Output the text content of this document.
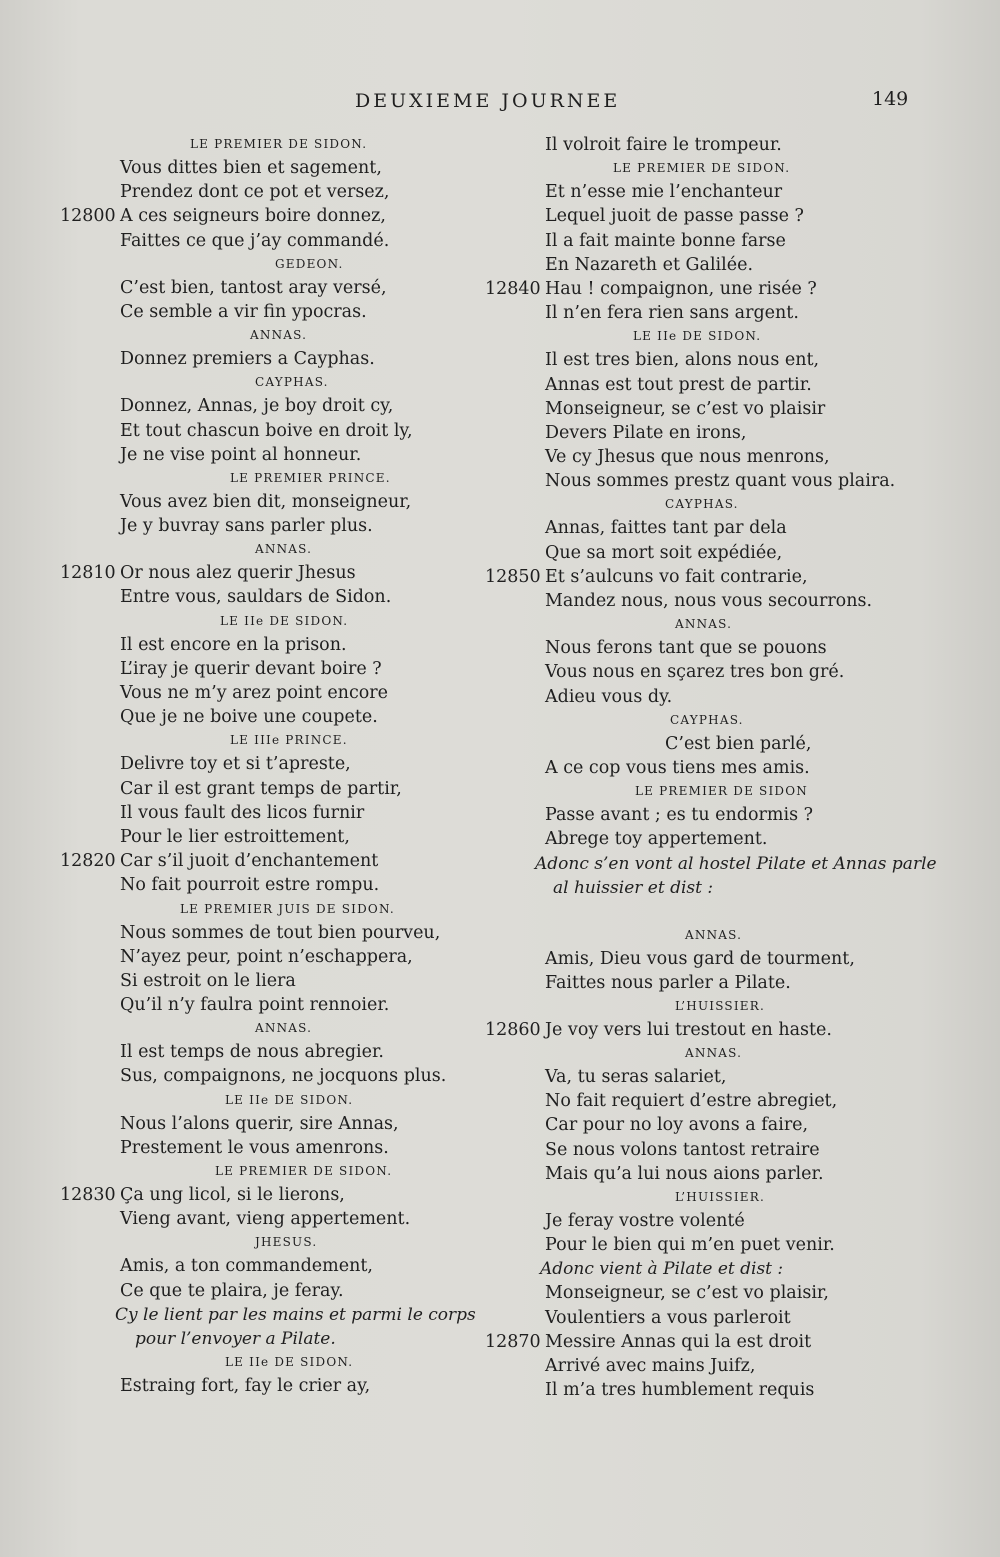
DEUXIEME JOURNEE	149
LE PREMIER DE SIDON.
Vous dittes bien et sagement,
Prendez dont ce pot et versez,
12800 A ces seigneurs boire donnez,
Faittes ce que j’ay commandé.
GEDEON.
C’est bien, tantost aray versé,
Ce semble a vir fin ypocras.
ANNAS.
Donnez premiers a Cayphas.
CAYPHAS.
Donnez, Annas, je boy droit cy,
Et tout chascun boive en droit ly,
Je ne vise point al honneur.
LE PREMIER PRINCE.
Vous avez bien dit, monseigneur,
Je y buvray sans parler plus.
ANNAS.
12810 Or nous alez querir Jhesus
Entre vous, sauldars de Sidon.
LE IIe DE SIDON.
Il est encore en la prison.
L’iray je querir devant boire ?
Vous ne m’y arez point encore
Que je ne boive une coupete.
LE IIIe PRINCE.
Delivre toy et si t’apreste,
Car il est grant temps de partir,
Il vous fault des licos furnir
Pour le lier estroittement,
12820 Car s’il juoit d’enchantement
No fait pourroit estre rompu.
LE PREMIER JUIS DE SIDON.
Nous sommes de tout bien pourveu,
N’ayez peur, point n’eschappera,
Si estroit on le liera
Qu’il n’y faulra point rennoier.
ANNAS.
Il est temps de nous abregier.
Sus, compaignons, ne jocquons plus.
LE IIe DE SIDON.
Nous l’alons querir, sire Annas,
Prestement le vous amenrons.
LE PREMIER DE SIDON.
12830 Ça ung licol, si le lierons,
Vieng avant, vieng appertement.
JHESUS.
Amis, a ton commandement,
Ce que te plaira, je feray.
Cy le lient par les mains et parmi le corps
pour l’envoyer a Pilate.
LE IIe DE SIDON.
Estraing fort, fay le crier ay,
Il volroit faire le trompeur.
LE PREMIER DE SIDON.
Et n’esse mie l’enchanteur
Lequel juoit de passe passe ?
Il a fait mainte bonne farse
En Nazareth et Galilée.
12840 Hau ! compaignon, une risée ?
Il n’en fera rien sans argent.
LE IIe DE SIDON.
Il est tres bien, alons nous ent,
Annas est tout prest de partir.
Monseigneur, se c’est vo plaisir
Devers Pilate en irons,
Ve cy Jhesus que nous menrons,
Nous sommes prestz quant vous plaira.
CAYPHAS.
Annas, faittes tant par dela
Que sa mort soit expédiée,
12850 Et s’aulcuns vo fait contrarie,
Mandez nous, nous vous secourrons.
ANNAS.
Nous ferons tant que se pouons
Vous nous en sçarez tres bon gré.
Adieu vous dy.
CAYPHAS.
C’est bien parlé,
A ce cop vous tiens mes amis.
LE PREMIER DE SIDON
Passe avant ; es tu endormis ?
Abrege toy appertement.
Adonc s’en vont al hostel Pilate et Annas parle
al huissier et dist :
ANNAS.
Amis, Dieu vous gard de tourment,
Faittes nous parler a Pilate.
L’HUISSIER.
12860 Je voy vers lui trestout en haste.
ANNAS.
Va, tu seras salariet,
No fait requiert d’estre abregiet,
Car pour no loy avons a faire,
Se nous volons tantost retraire
Mais qu’a lui nous aions parler.
L’HUISSIER.
Je feray vostre volenté
Pour le bien qui m’en puet venir.
Adonc vient à Pilate et dist :
Monseigneur, se c’est vo plaisir,
Voulentiers a vous parleroit
12870 Messire Annas qui la est droit
Arrivé avec mains Juifz,
Il m’a tres humblement requis
